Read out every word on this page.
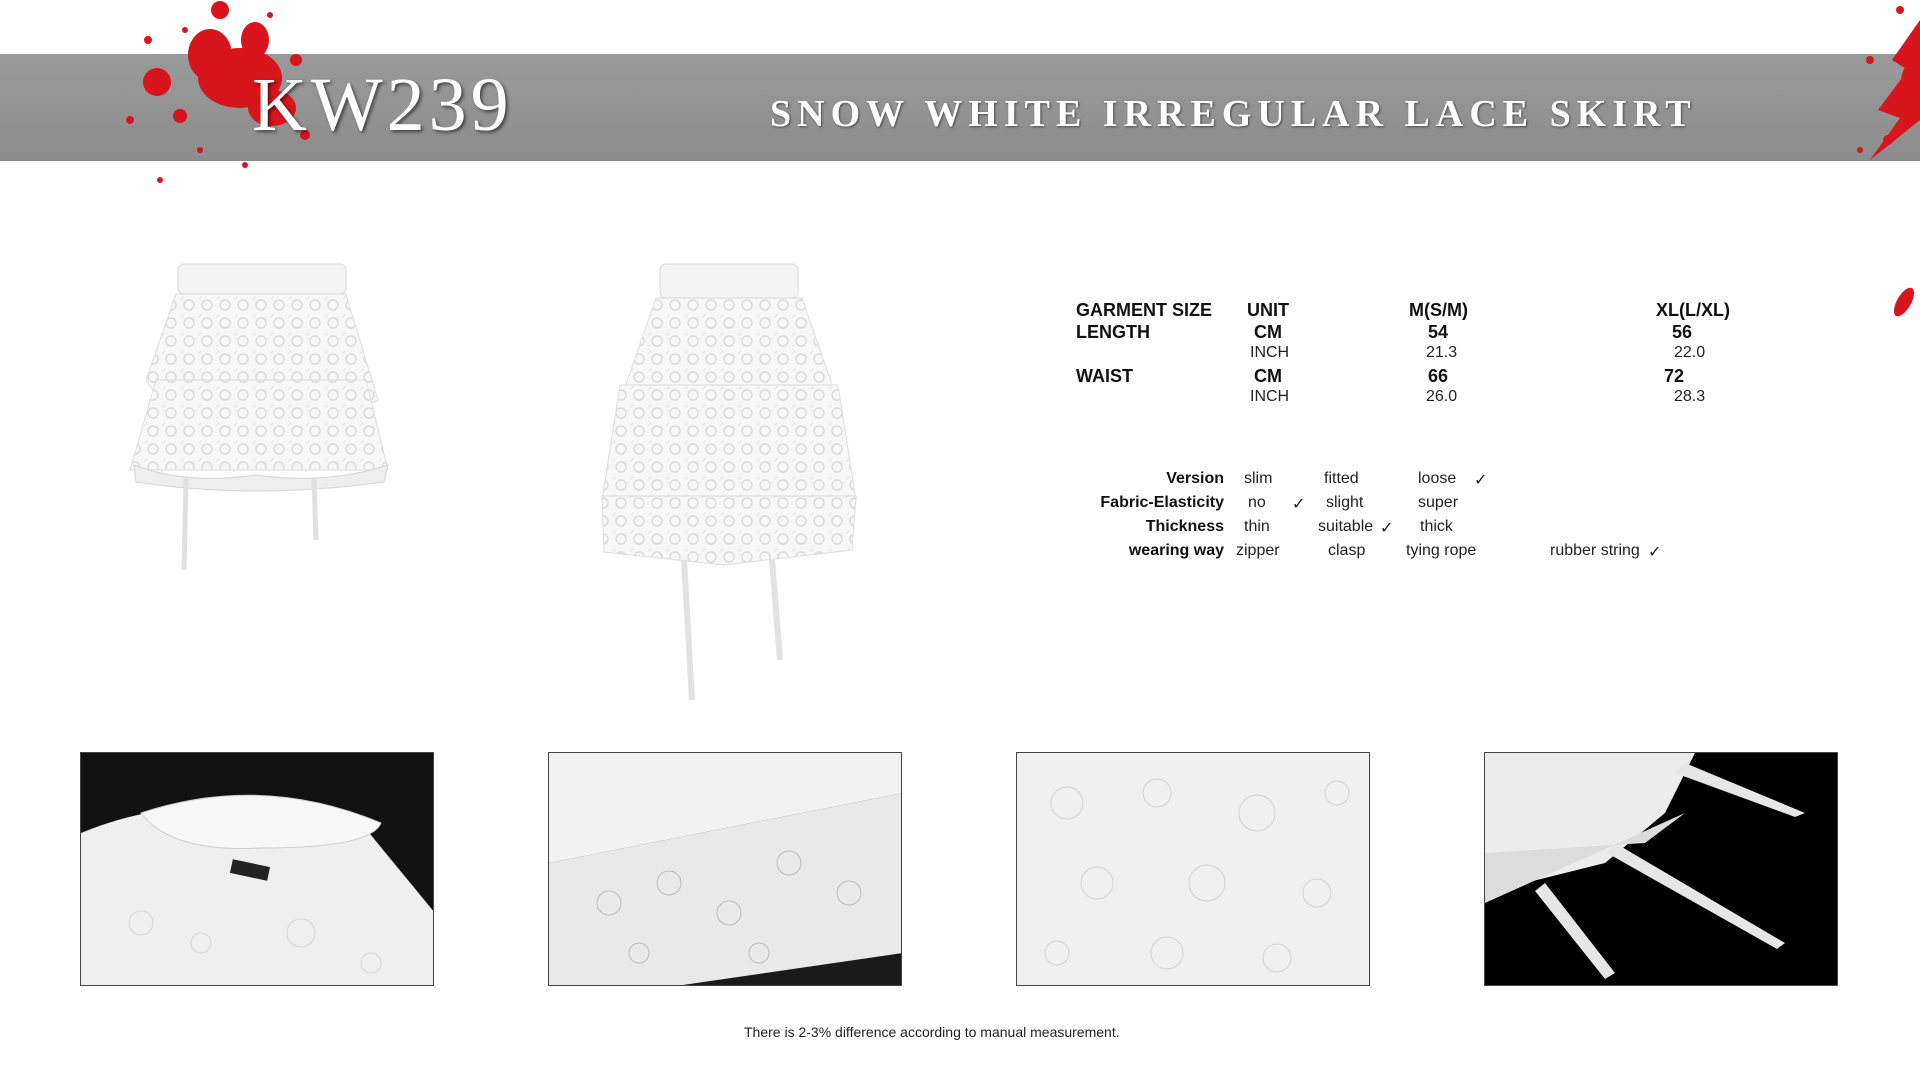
KW239	SNOW WHITE IRREGULAR LACE SKIRT
GARMENT SIZE UNIT	M(S/M)	XL(L/XL)
LENGTH	CM	54	56
INCH	21.3	22.0
WAIST	CM	66	72
INCH	26.0	28.3
Version slim	fitted	loose ✓
Fabric-Elasticity no ✓ slight	super
Thickness thin	suitable ✓ thick
wearing way zipper	clasp	tying rope	rubber string ✓
There is 2-3% difference according to manual measurement.
